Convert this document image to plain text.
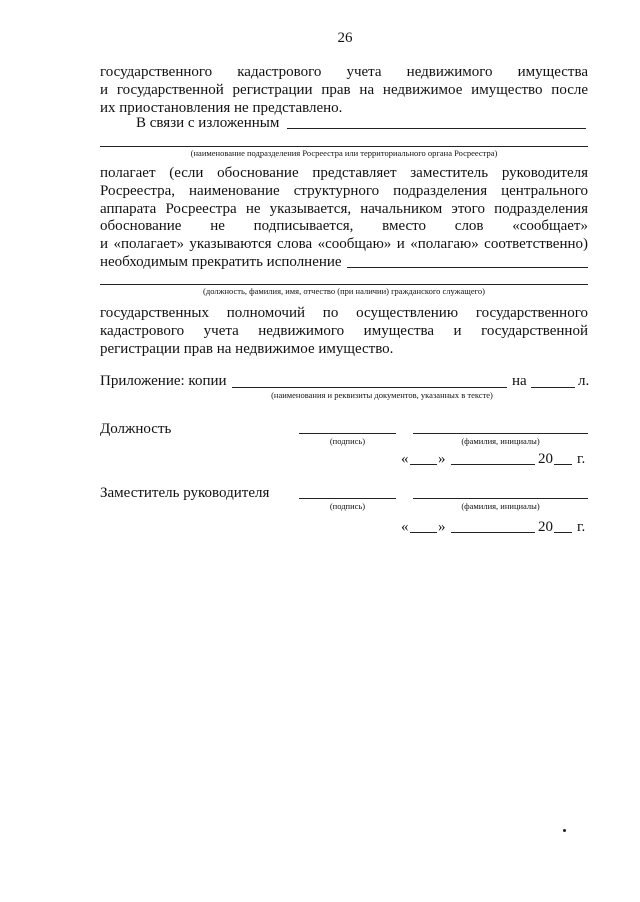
26
государственного кадастрового учета недвижимого имущества
и государственной регистрации прав на недвижимое имущество после
их приостановления не представлено.
В связи с изложенным
(наименование подразделения Росреестра или территориального органа Росреестра)
полагает (если обоснование представляет заместитель руководителя
Росреестра, наименование структурного подразделения центрального
аппарата Росреестра не указывается, начальником этого подразделения
обоснование не подписывается, вместо слов «сообщает»
и «полагает» указываются слова «сообщаю» и «полагаю» соответственно)
необходимым прекратить исполнение
(должность, фамилия, имя, отчество (при наличии) гражданского служащего)
государственных полномочий по осуществлению государственного
кадастрового учета недвижимого имущества и государственной
регистрации прав на недвижимое имущество.
Приложение: копии	на	л.
(наименования и реквизиты документов, указанных в тексте)
Должность
(подпись)	(фамилия, инициалы)
« »	20 г.
Заместитель руководителя
(подпись)	(фамилия, инициалы)
« »	20 г.
